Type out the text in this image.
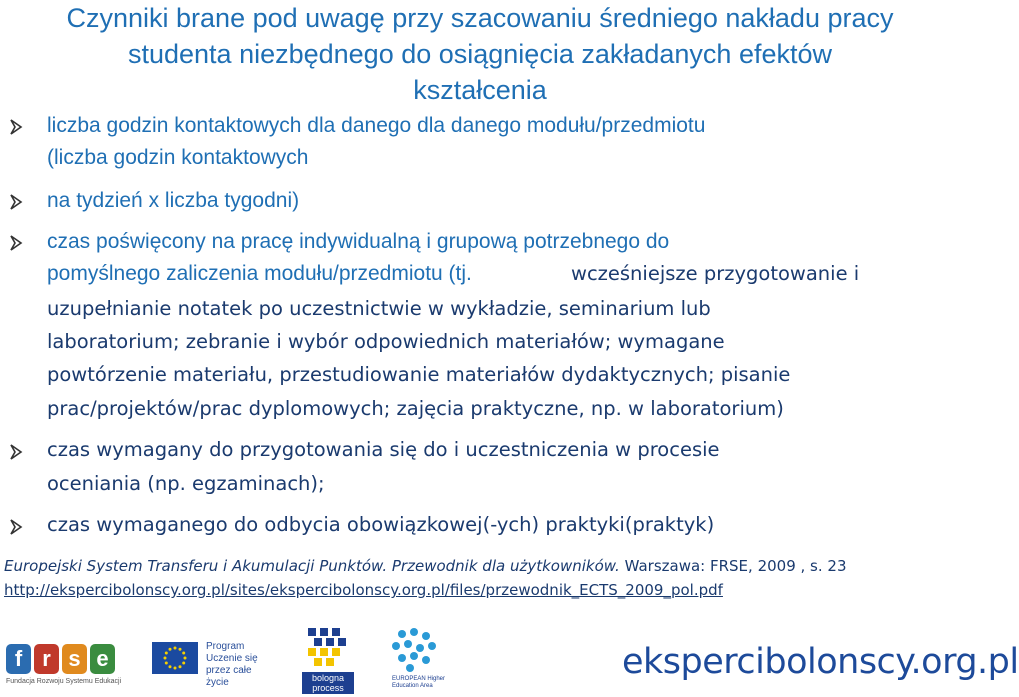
Czynniki brane pod uwagę przy szacowaniu średniego nakładu pracy
studenta niezbędnego do osiągnięcia zakładanych efektów
kształcenia
liczba godzin kontaktowych dla danego dla danego modułu/przedmiotu
(liczba godzin kontaktowych
na tydzień x liczba tygodni)
czas poświęcony na pracę indywidualną i grupową potrzebnego do
pomyślnego zaliczenia modułu/przedmiotu (tj.	wcześniejsze przygotowanie i
uzupełnianie notatek po uczestnictwie w wykładzie, seminarium lub
laboratorium; zebranie i wybór odpowiednich materiałów; wymagane
powtórzenie materiału, przestudiowanie materiałów dydaktycznych; pisanie
prac/projektów/prac dyplomowych; zajęcia praktyczne, np. w laboratorium)
czas wymagany do przygotowania się do i uczestniczenia w procesie
oceniania (np. egzaminach);
czas wymaganego do odbycia obowiązkowej(-ych) praktyki(praktyk)
Europejski System Transferu i Akumulacji Punktów. Przewodnik dla użytkowników. Warszawa: FRSE, 2009 , s. 23
http://ekspercibolonscy.org.pl/sites/ekspercibolonscy.org.pl/files/przewodnik_ECTS_2009_pol.pdf
f r s e
Fundacja Rozwoju Systemu Edukacji
Program Uczenie się przez całe życie	bologna process
EUROPEAN Higher Education Area
ekspercibolonscy.org.pl
